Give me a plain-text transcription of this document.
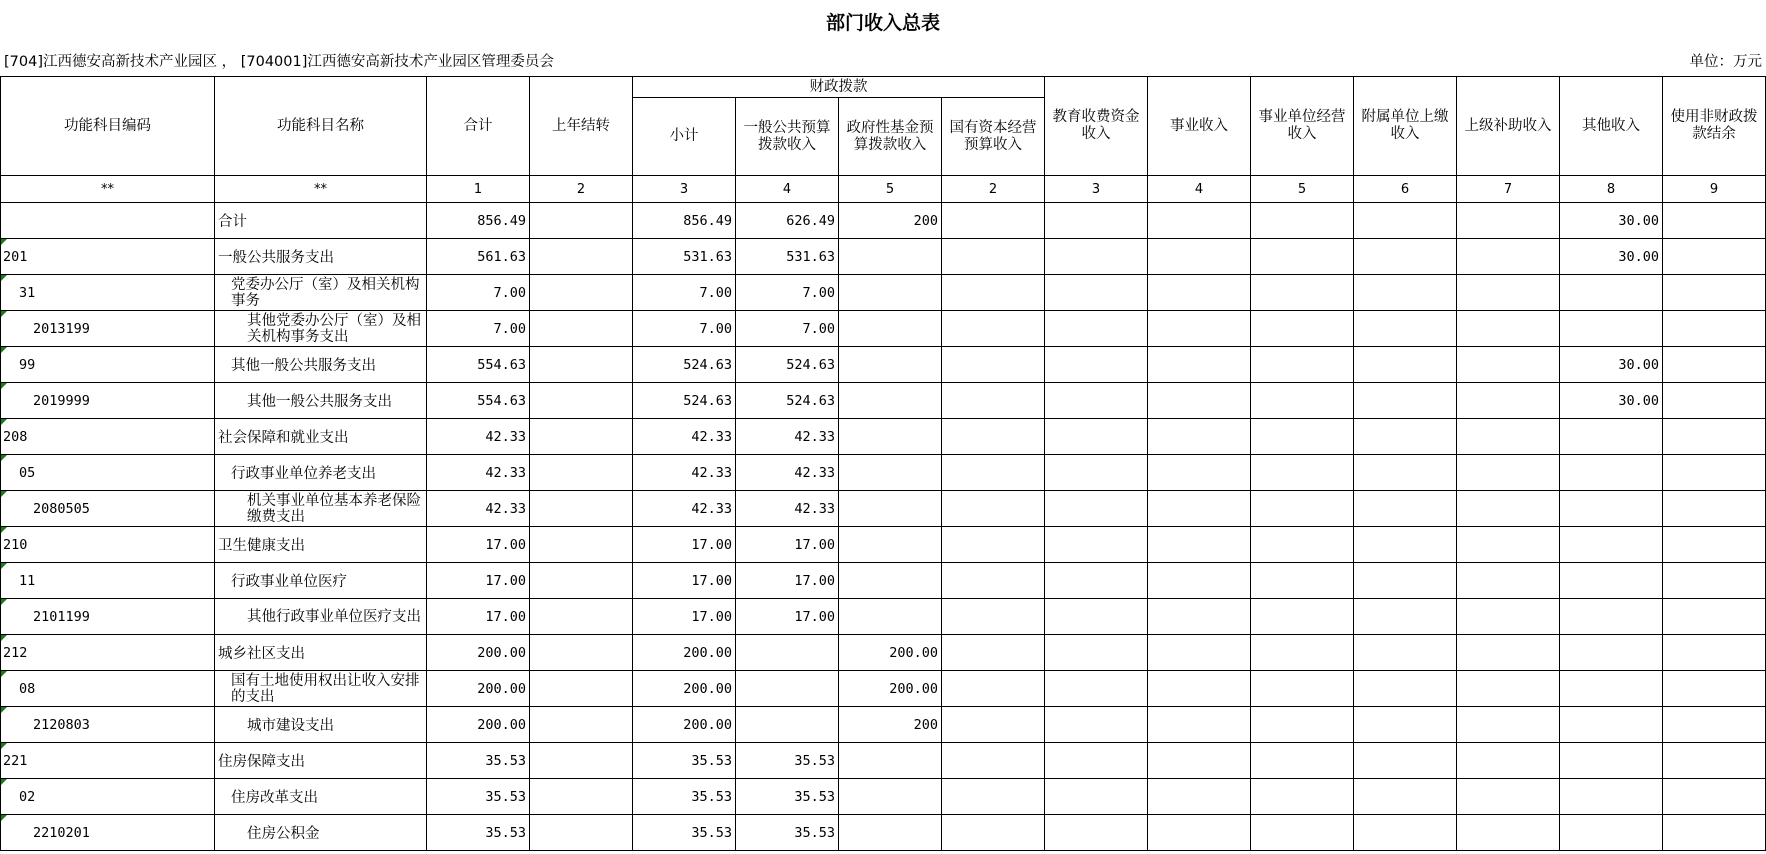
部门收入总表
[704]江西德安高新技术产业园区 ， [704001]江西德安高新技术产业园区管理委员会	单位：万元
功能科目编码	功能科目名称	合计	上年结转	财政拨款				教育收费资金收入	事业收入	事业单位经营收入	附属单位上缴收入	上级补助收入	其他收入	使用非财政拨款结余
				小计	一般公共预算拨款收入	政府性基金预算拨款收入	国有资本经营预算收入							
**	**	1	2	3	4	5	2	3	4	5	6	7	8	9
	合计	856.49		856.49	626.49	200							30.00	

201	一般公共服务支出	561.63		531.63	531.63								30.00	

31	党委办公厅（室）及相关机构事务	7.00		7.00	7.00									

2013199	其他党委办公厅（室）及相关机构事务支出	7.00		7.00	7.00									

99	其他一般公共服务支出	554.63		524.63	524.63								30.00	

2019999	其他一般公共服务支出	554.63		524.63	524.63								30.00	

208	社会保障和就业支出	42.33		42.33	42.33									

05	行政事业单位养老支出	42.33		42.33	42.33									

2080505	机关事业单位基本养老保险缴费支出	42.33		42.33	42.33									

210	卫生健康支出	17.00		17.00	17.00									

11	行政事业单位医疗	17.00		17.00	17.00									

2101199	其他行政事业单位医疗支出	17.00		17.00	17.00									

212	城乡社区支出	200.00		200.00		200.00								

08	国有土地使用权出让收入安排的支出	200.00		200.00		200.00								

2120803	城市建设支出	200.00		200.00		200								

221	住房保障支出	35.53		35.53	35.53									

02	住房改革支出	35.53		35.53	35.53									

2210201	住房公积金	35.53		35.53	35.53									
